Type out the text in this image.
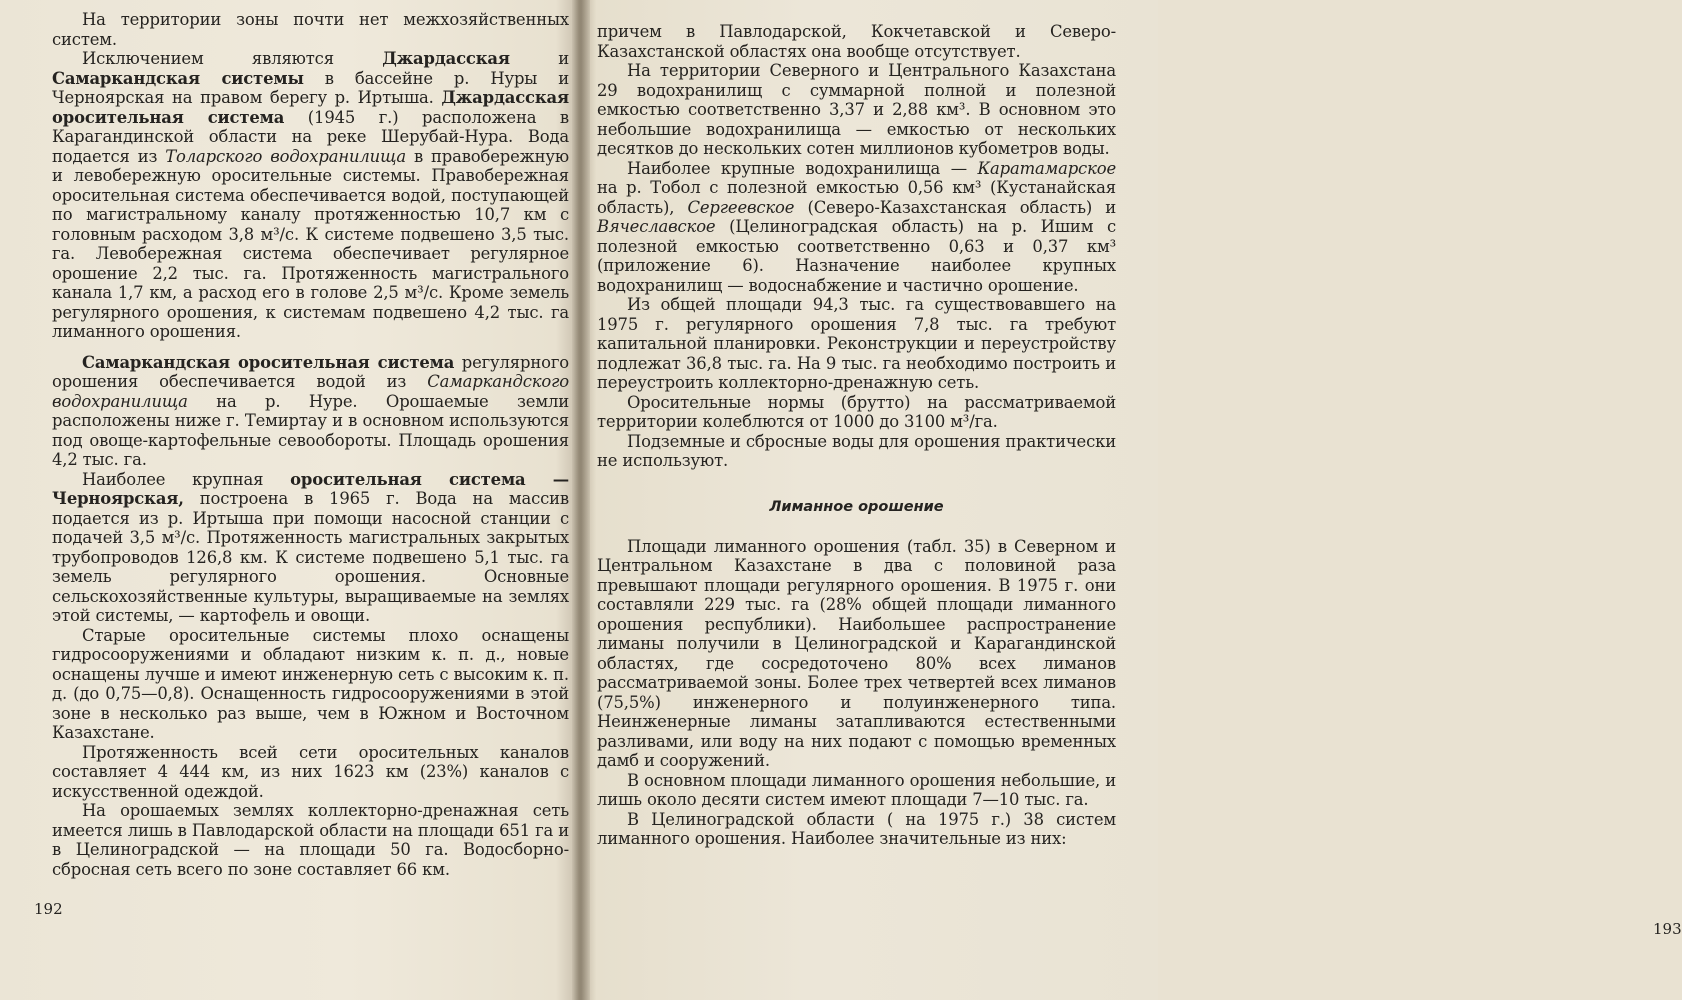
На территории зоны почти нет межхозяйственных систем.

Исключением являются Джардасская и Самаркандская системы в бассейне р. Нуры и Черноярская на правом берегу р. Иртыша. Джардасская оросительная система (1945 г.) расположена в Карагандинской области на реке Шерубай-Нура. Вода подается из Толарского водохранилища в правобережную и левобережную оросительные системы. Правобережная оросительная система обеспечивается водой, поступающей по магистральному каналу протяженностью 10,7 км с головным расходом 3,8 м³/с. К системе подвешено 3,5 тыс. га. Левобережная система обеспечивает регулярное орошение 2,2 тыс. га. Протяженность магистрального канала 1,7 км, а расход его в голове 2,5 м³/с. Кроме земель регулярного орошения, к системам подвешено 4,2 тыс. га лиманного орошения.

Самаркандская оросительная система регулярного орошения обеспечивается водой из Самаркандского водохранилища на р. Нуре. Орошаемые земли расположены ниже г. Темиртау и в основном используются под овоще-картофельные севообороты. Площадь орошения 4,2 тыс. га.

Наиболее крупная оросительная система — Черноярская, построена в 1965 г. Вода на массив подается из р. Иртыша при помощи насосной станции с подачей 3,5 м³/с. Протяженность магистральных закрытых трубопроводов 126,8 км. К системе подвешено 5,1 тыс. га земель регулярного орошения. Основные сельскохозяйственные культуры, выращиваемые на землях этой системы, — картофель и овощи.

Старые оросительные системы плохо оснащены гидросооружениями и обладают низким к. п. д., новые оснащены лучше и имеют инженерную сеть с высоким к. п. д. (до 0,75—0,8). Оснащенность гидросооружениями в этой зоне в несколько раз выше, чем в Южном и Восточном Казахстане.

Протяженность всей сети оросительных каналов составляет 4 444 км, из них 1623 км (23%) каналов с искусственной одеждой.

На орошаемых землях коллекторно-дренажная сеть имеется лишь в Павлодарской области на площади 651 га и в Целиноградской — на площади 50 га. Водосборно-сбросная сеть всего по зоне составляет 66 км.

192

причем в Павлодарской, Кокчетавской и Северо-Казахстанской областях она вообще отсутствует.

На территории Северного и Центрального Казахстана 29 водохранилищ с суммарной полной и полезной емкостью соответственно 3,37 и 2,88 км³. В основном это небольшие водохранилища — емкостью от нескольких десятков до нескольких сотен миллионов кубометров воды.

Наиболее крупные водохранилища — Каратамарское на р. Тобол с полезной емкостью 0,56 км³ (Кустанайская область), Сергеевское (Северо-Казахстанская область) и Вячеславское (Целиноградская область) на р. Ишим с полезной емкостью соответственно 0,63 и 0,37 км³ (приложение 6). Назначение наиболее крупных водохранилищ — водоснабжение и частично орошение.

Из общей площади 94,3 тыс. га существовавшего на 1975 г. регулярного орошения 7,8 тыс. га требуют капитальной планировки. Реконструкции и переустройству подлежат 36,8 тыс. га. На 9 тыс. га необходимо построить и переустроить коллекторно-дренажную сеть.

Оросительные нормы (брутто) на рассматриваемой территории колеблются от 1000 до 3100 м³/га.

Подземные и сбросные воды для орошения практически не используют.

Лиманное орошение

Площади лиманного орошения (табл. 35) в Северном и Центральном Казахстане в два с половиной раза превышают площади регулярного орошения. В 1975 г. они составляли 229 тыс. га (28% общей площади лиманного орошения республики). Наибольшее распространение лиманы получили в Целиноградской и Карагандинской областях, где сосредоточено 80% всех лиманов рассматриваемой зоны. Более трех четвертей всех лиманов (75,5%) инженерного и полуинженерного типа. Неинженерные лиманы затапливаются естественными разливами, или воду на них подают с помощью временных дамб и сооружений.

В основном площади лиманного орошения небольшие, и лишь около десяти систем имеют площади 7—10 тыс. га.

В Целиноградской области ( на 1975 г.) 38 систем лиманного орошения. Наиболее значительные из них:

193
